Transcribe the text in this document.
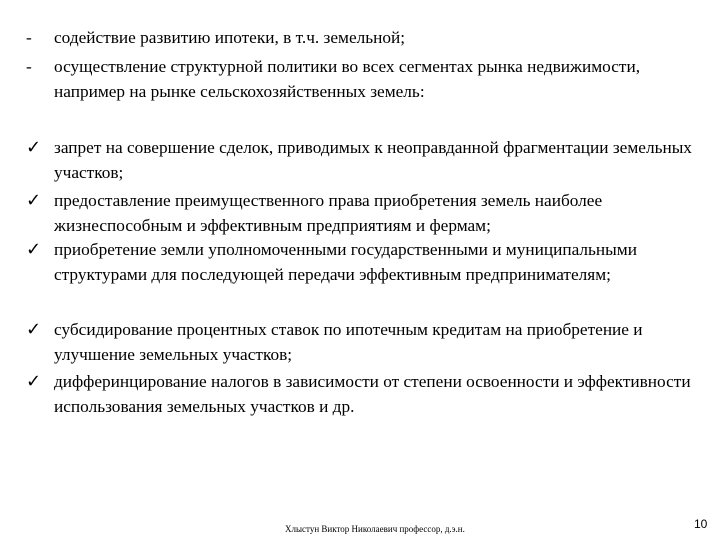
-	содействие развитию ипотеки, в т.ч. земельной;
-	осуществление структурной политики во всех сегментах рынка недвижимости, например на рынке сельскохозяйственных земель:
✓ запрет на совершение сделок, приводимых к неоправданной фрагментации земельных участков;
✓ предоставление преимущественного права приобретения земель наиболее жизнеспособным и эффективным предприятиям и фермам;
✓ приобретение земли уполномоченными государственными и муниципальными структурами для последующей передачи эффективным предпринимателям;
✓ субсидирование процентных ставок по ипотечным кредитам на приобретение и улучшение земельных участков;
✓ дифферинцирование налогов в зависимости от степени освоенности и эффективности использования земельных участков и др.
Хлыстун Виктор Николаевич профессор, д.э.н.	10
